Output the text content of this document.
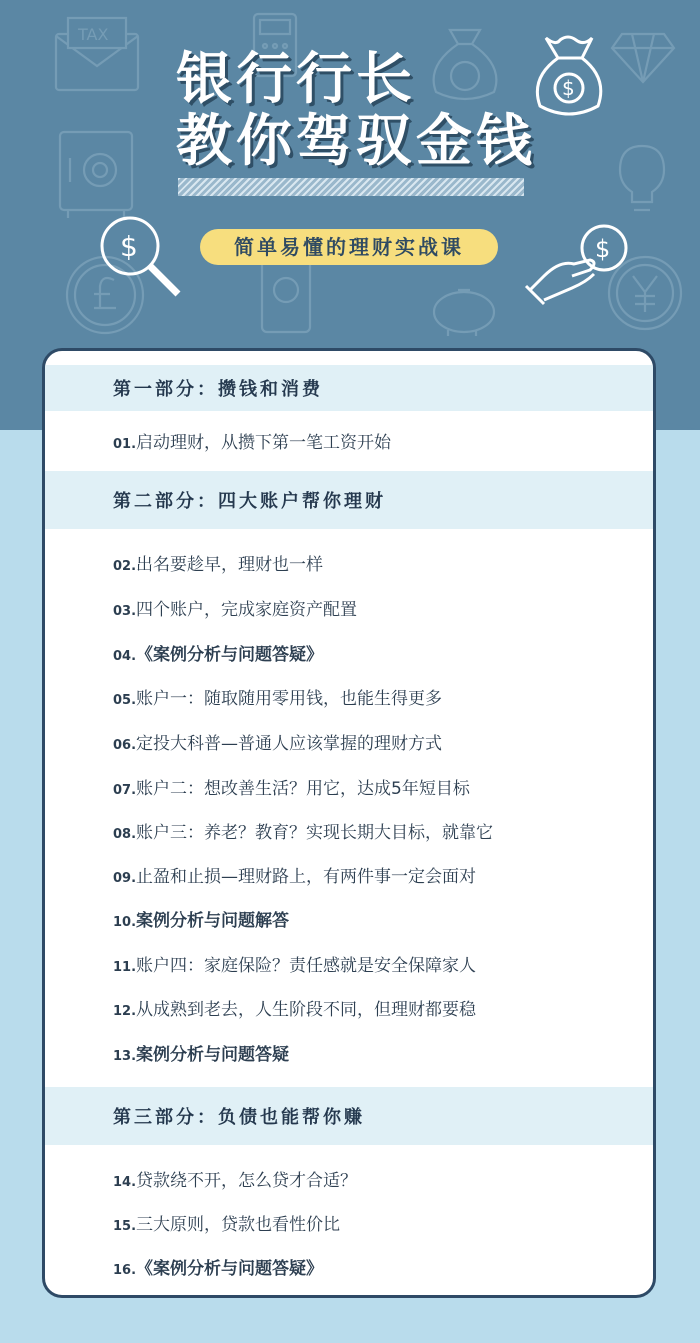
TAX
$
$	$
银行行长
教你驾驭金钱
简单易懂的理财实战课
第一部分：攒钱和消费
01.启动理财，从攒下第一笔工资开始
第二部分：四大账户帮你理财
02.出名要趁早，理财也一样
03.四个账户，完成家庭资产配置
04.《案例分析与问题答疑》
05.账户一：随取随用零用钱，也能生得更多
06.定投大科普—普通人应该掌握的理财方式
07.账户二：想改善生活？用它，达成5年短目标
08.账户三：养老？教育？实现长期大目标，就靠它
09.止盈和止损—理财路上，有两件事一定会面对
10.案例分析与问题解答
11.账户四：家庭保险？责任感就是安全保障家人
12.从成熟到老去，人生阶段不同，但理财都要稳
13.案例分析与问题答疑
第三部分：负债也能帮你赚
14.贷款绕不开，怎么贷才合适？
15.三大原则，贷款也看性价比
16.《案例分析与问题答疑》
